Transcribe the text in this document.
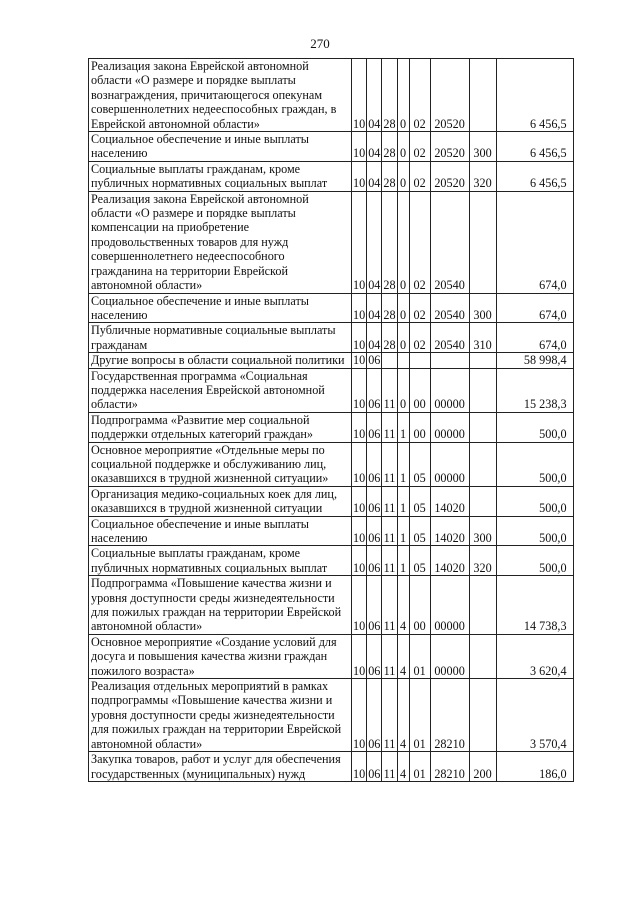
270
Реализация закона Еврейской автономной области «О размере и порядке выплаты вознаграждения, причитающегося опекунам совершеннолетних недееспособных граждан, в Еврейской автономной области»	10	04	28	0	02	20520		6 456,5
Социальное обеспечение и иные выплаты населению	10	04	28	0	02	20520	300	6 456,5
Социальные выплаты гражданам, кроме публичных нормативных социальных выплат	10	04	28	0	02	20520	320	6 456,5
Реализация закона Еврейской автономной области «О размере и порядке выплаты компенсации на приобретение продовольственных товаров для нужд совершеннолетнего недееспособного гражданина на территории Еврейской автономной области»	10	04	28	0	02	20540		674,0
Социальное обеспечение и иные выплаты населению	10	04	28	0	02	20540	300	674,0
Публичные нормативные социальные выплаты гражданам	10	04	28	0	02	20540	310	674,0
Другие вопросы в области социальной политики	10	06						58 998,4
Государственная программа «Социальная поддержка населения Еврейской автономной области»	10	06	11	0	00	00000		15 238,3
Подпрограмма «Развитие мер социальной поддержки отдельных категорий граждан»	10	06	11	1	00	00000		500,0
Основное мероприятие «Отдельные меры по социальной поддержке и обслуживанию лиц, оказавшихся в трудной жизненной ситуации»	10	06	11	1	05	00000		500,0
Организация медико-социальных коек для лиц, оказавшихся в трудной жизненной ситуации	10	06	11	1	05	14020		500,0
Социальное обеспечение и иные выплаты населению	10	06	11	1	05	14020	300	500,0
Социальные выплаты гражданам, кроме публичных нормативных социальных выплат	10	06	11	1	05	14020	320	500,0
Подпрограмма «Повышение качества жизни и уровня доступности среды жизнедеятельности для пожилых граждан на территории Еврейской автономной области»	10	06	11	4	00	00000		14 738,3
Основное мероприятие «Создание условий для досуга и повышения качества жизни граждан пожилого возраста»	10	06	11	4	01	00000		3 620,4
Реализация отдельных мероприятий в рамках подпрограммы «Повышение качества жизни и уровня доступности среды жизнедеятельности для пожилых граждан на территории Еврейской автономной области»	10	06	11	4	01	28210		3 570,4
Закупка товаров, работ и услуг для обеспечения государственных (муниципальных) нужд	10	06	11	4	01	28210	200	186,0
